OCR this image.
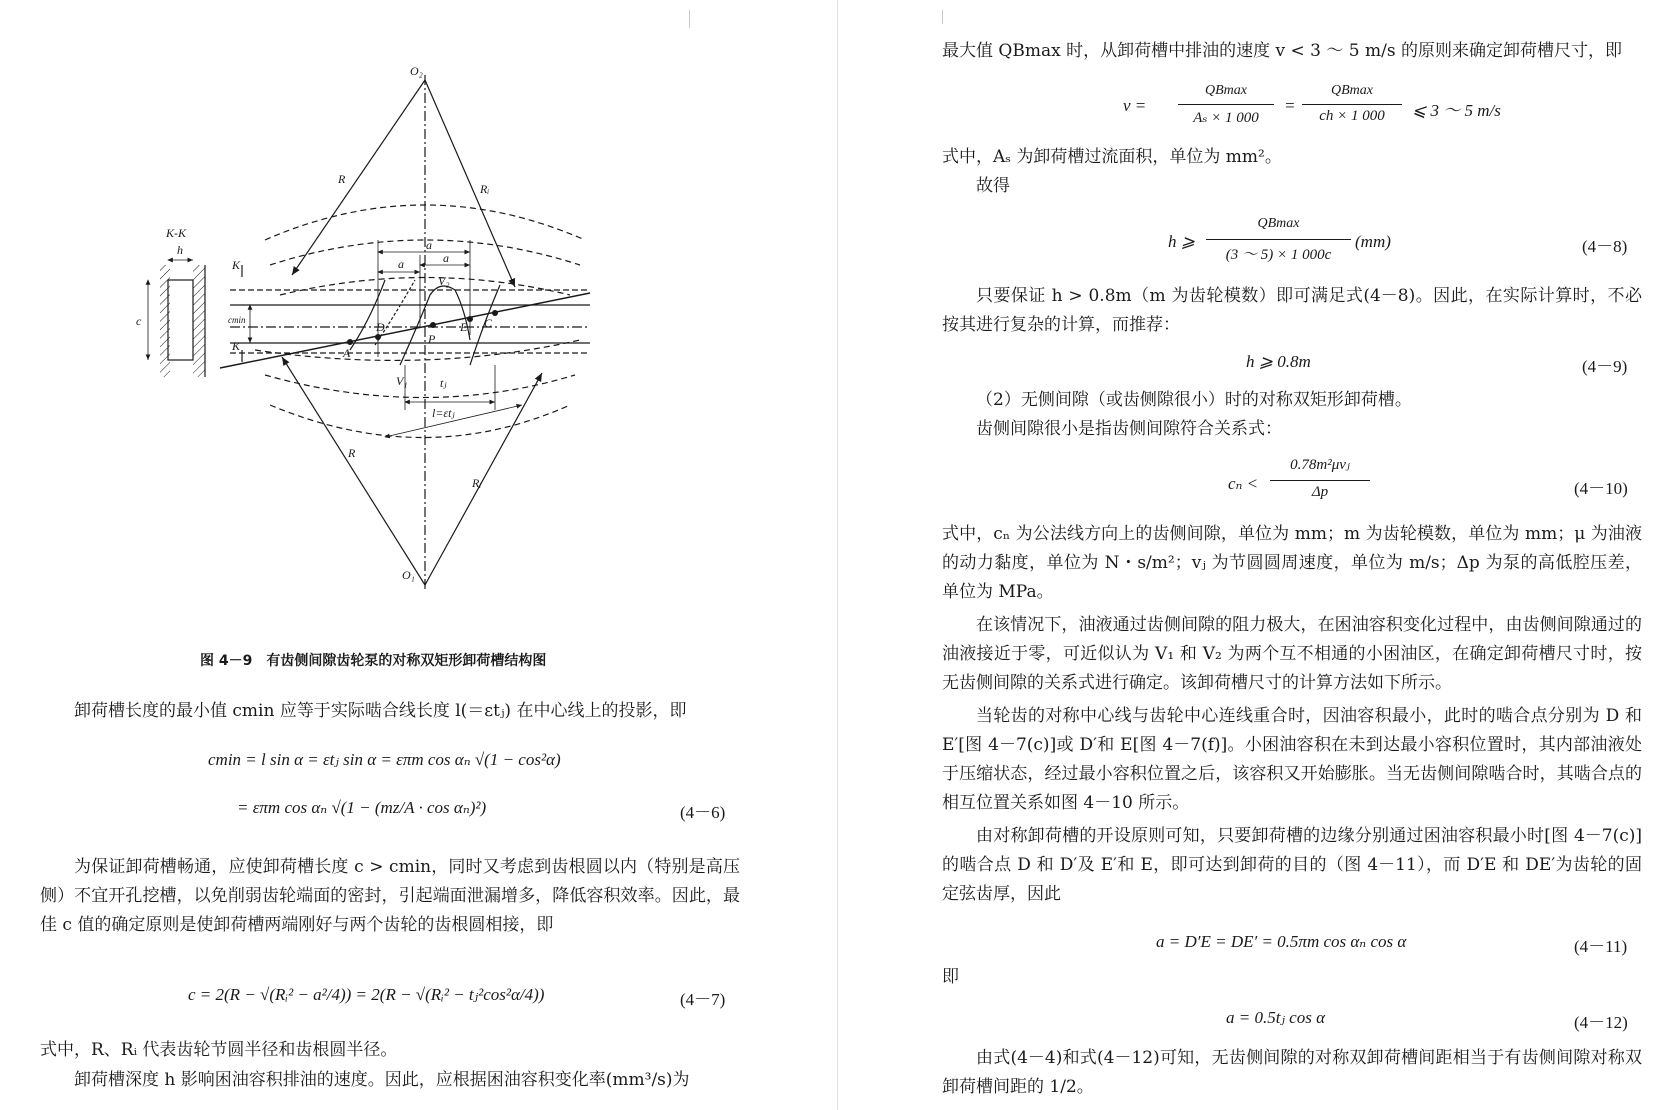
O₂
O₁
R
Rᵢ
R
Rᵢ
K-K
h
c
K
K
cmin
a
a	a
V₂
V₁
D
P
E C
A
tⱼ
l=εtⱼ
图 4－9　有齿侧间隙齿轮泵的对称双矩形卸荷槽结构图

卸荷槽长度的最小值 cmin 应等于实际啮合线长度 l(＝εtⱼ) 在中心线上的投影，即

cmin = l sin α = εtⱼ sin α = επm cos αₙ √(1 − cos²α)
= επm cos αₙ √(1 − (mz/A · cos αₙ)²)	(4－6)

为保证卸荷槽畅通，应使卸荷槽长度 c > cmin，同时又考虑到齿根圆以内（特别是高压侧）不宜开孔挖槽，以免削弱齿轮端面的密封，引起端面泄漏增多，降低容积效率。因此，最佳 c 值的确定原则是使卸荷槽两端刚好与两个齿轮的齿根圆相接，即

c = 2(R − √(Rᵢ² − a²/4)) = 2(R − √(Rᵢ² − tⱼ²cos²α/4))	(4－7)

式中，R、Rᵢ 代表齿轮节圆半径和齿根圆半径。

卸荷槽深度 h 影响困油容积排油的速度。因此，应根据困油容积变化率(mm³/s)为

最大值 QBmax 时，从卸荷槽中排油的速度 v < 3 ～ 5 m/s 的原则来确定卸荷槽尺寸，即

v =
QBmax
Aₛ × 1 000
=
QBmax
ch × 1 000	⩽ 3 ～ 5 m/s

式中，Aₛ 为卸荷槽过流面积，单位为 mm²。

故得

h ⩾
QBmax
(3 ～ 5) × 1 000c
(mm)	(4－8)

只要保证 h > 0.8m（m 为齿轮模数）即可满足式(4－8)。因此，在实际计算时，不必按其进行复杂的计算，而推荐：

h ⩾ 0.8m	(4－9)

（2）无侧间隙（或齿侧隙很小）时的对称双矩形卸荷槽。

齿侧间隙很小是指齿侧间隙符合关系式：

cₙ <
0.78m²μvⱼ
Δp	(4－10)

式中，cₙ 为公法线方向上的齿侧间隙，单位为 mm；m 为齿轮模数，单位为 mm；μ 为油液的动力黏度，单位为 N・s/m²；vⱼ 为节圆圆周速度，单位为 m/s；Δp 为泵的高低腔压差，单位为 MPa。

在该情况下，油液通过齿侧间隙的阻力极大，在困油容积变化过程中，由齿侧间隙通过的油液接近于零，可近似认为 V₁ 和 V₂ 为两个互不相通的小困油区，在确定卸荷槽尺寸时，按无齿侧间隙的关系式进行确定。该卸荷槽尺寸的计算方法如下所示。

当轮齿的对称中心线与齿轮中心连线重合时，因油容积最小，此时的啮合点分别为 D 和 E′[图 4－7(c)]或 D′和 E[图 4－7(f)]。小困油容积在未到达最小容积位置时，其内部油液处于压缩状态，经过最小容积位置之后，该容积又开始膨胀。当无齿侧间隙啮合时，其啮合点的相互位置关系如图 4－10 所示。

由对称卸荷槽的开设原则可知，只要卸荷槽的边缘分别通过困油容积最小时[图 4－7(c)]的啮合点 D 和 D′及 E′和 E，即可达到卸荷的目的（图 4－11），而 D′E 和 DE′为齿轮的固定弦齿厚，因此

a = D′E = DE′ = 0.5πm cos αₙ cos α	(4－11)

即

a = 0.5tⱼ cos α	(4－12)

由式(4－4)和式(4－12)可知，无齿侧间隙的对称双卸荷槽间距相当于有齿侧间隙对称双卸荷槽间距的 1/2。
